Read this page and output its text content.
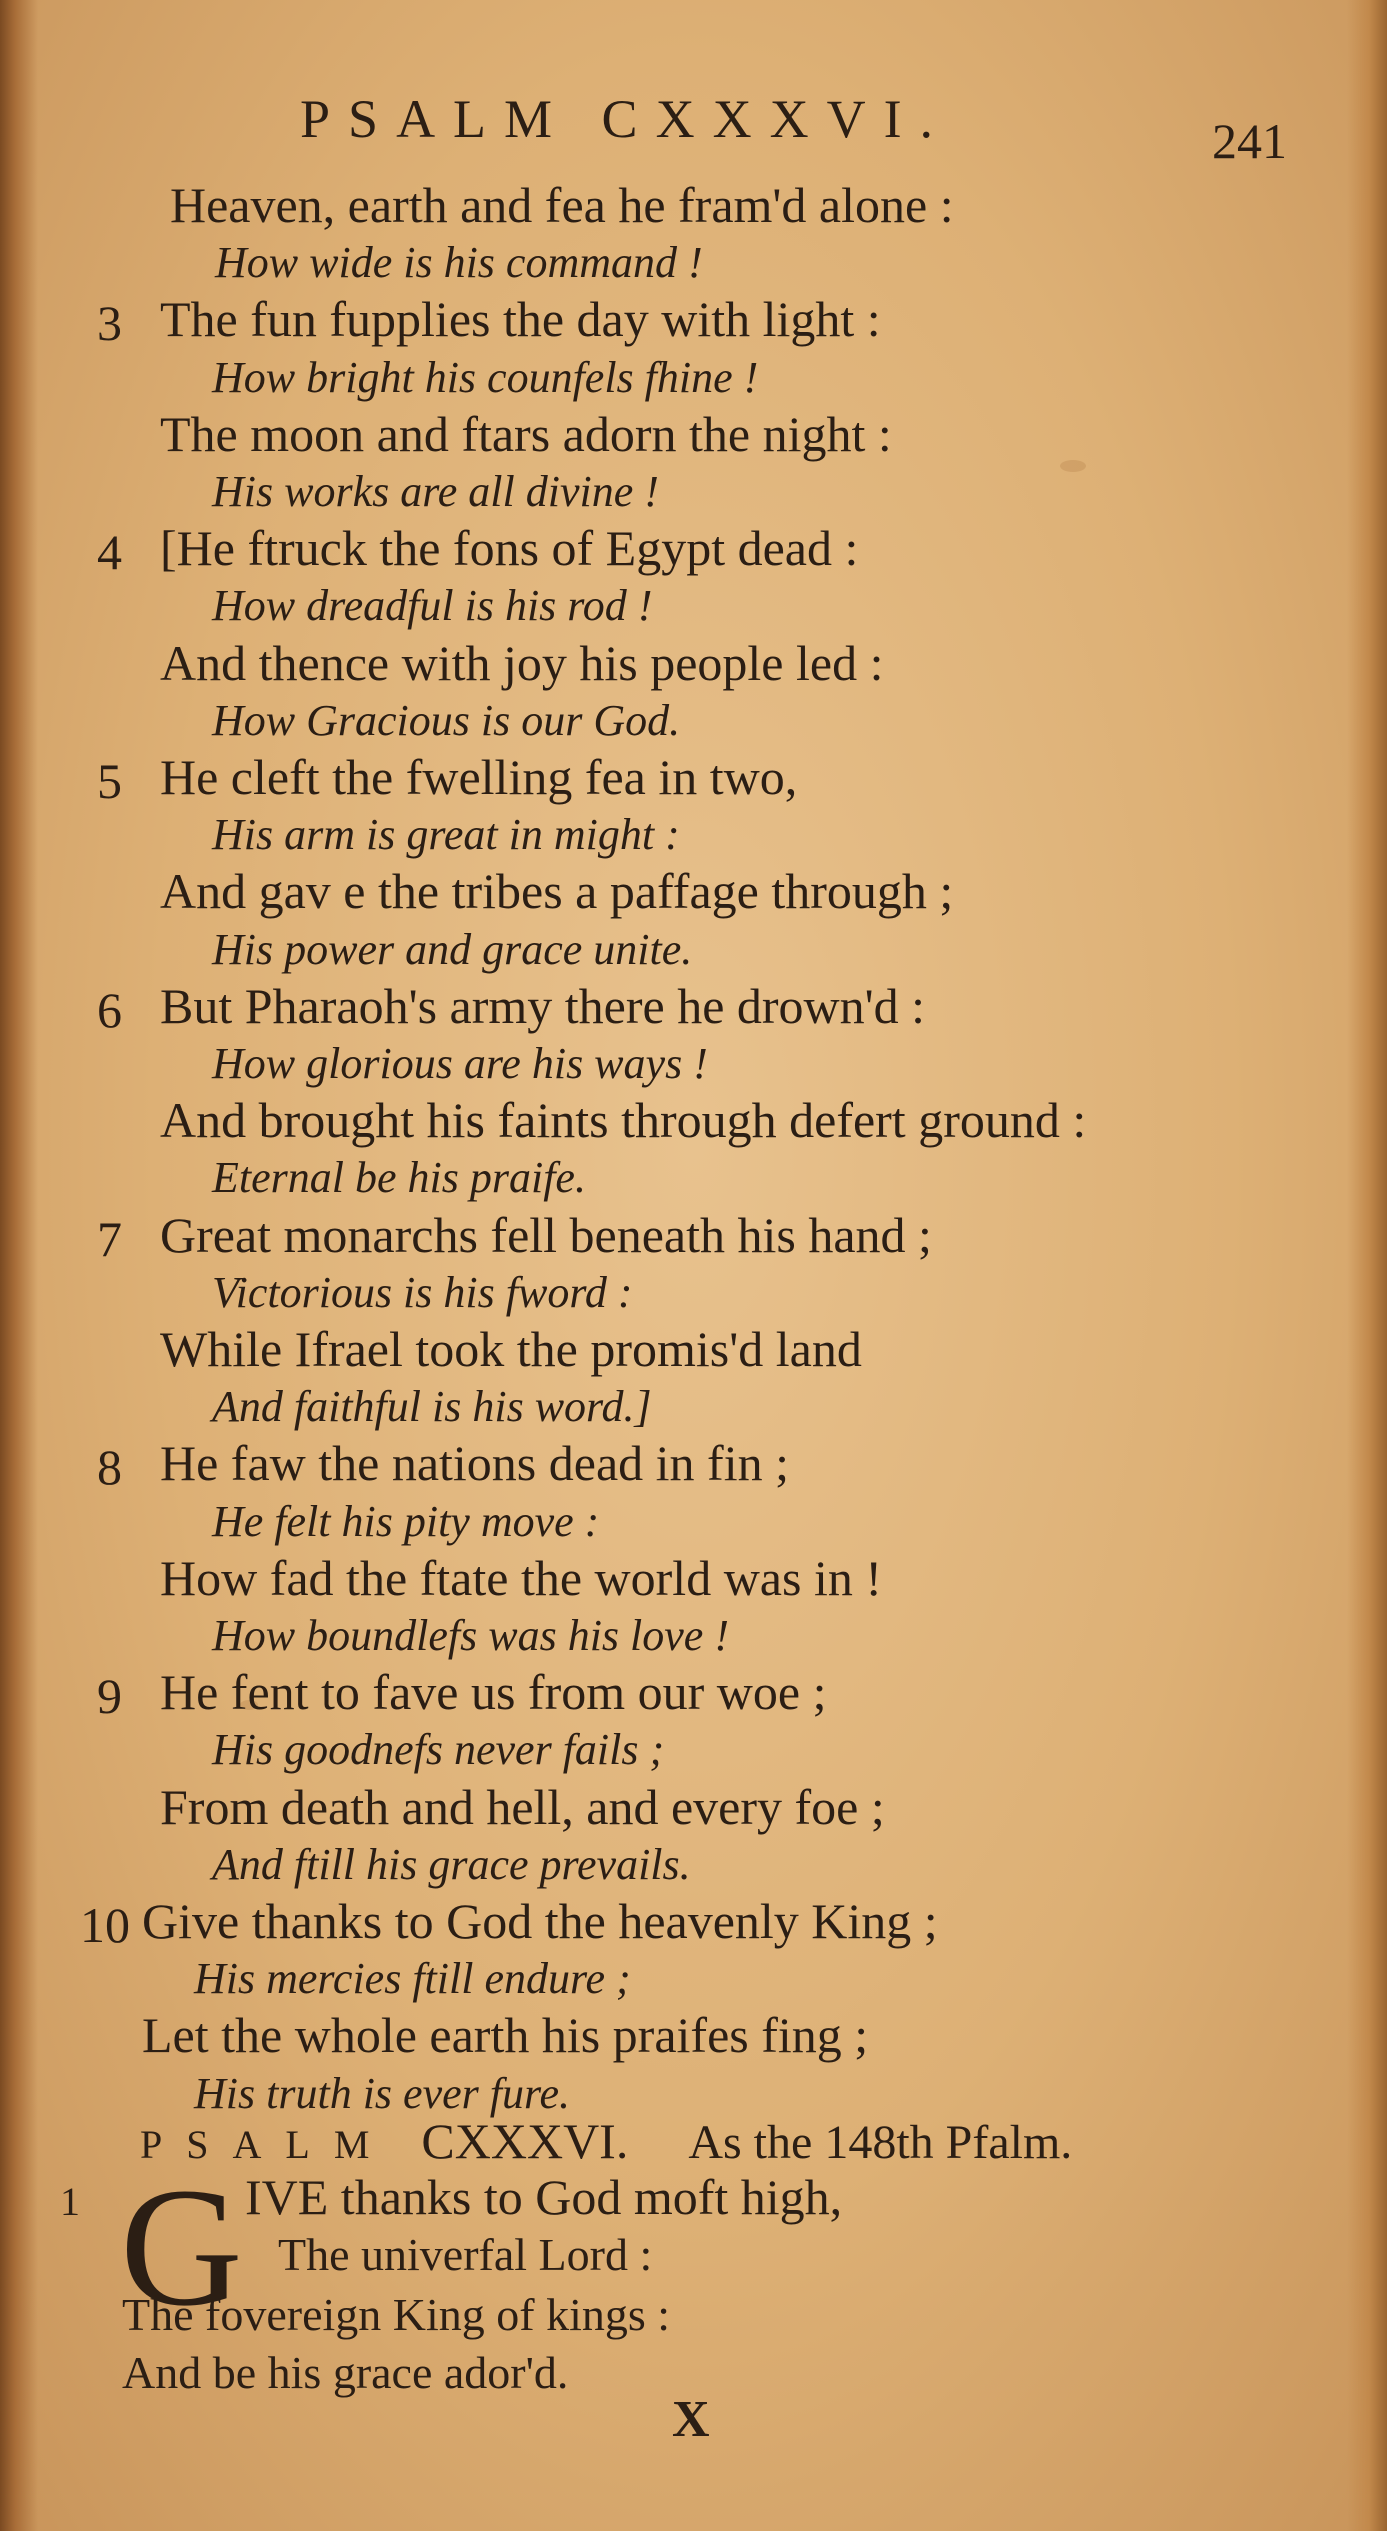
PSALM CXXXVI.	241
Heaven, earth and fea he fram'd alone :
How wide is his command !
3 The fun fupplies the day with light :
How bright his counfels fhine !
The moon and ftars adorn the night :
His works are all divine !
4 [He ftruck the fons of Egypt dead :
How dreadful is his rod !
And thence with joy his people led :
How Gracious is our God.
5 He cleft the fwelling fea in two,
His arm is great in might :
And gav e the tribes a paffage through ;
His power and grace unite.
6 But Pharaoh's army there he drown'd :
How glorious are his ways !
And brought his faints through defert ground :
Eternal be his praife.
7 Great monarchs fell beneath his hand ;
Victorious is his fword :
While Ifrael took the promis'd land
And faithful is his word.]
8 He faw the nations dead in fin ;
He felt his pity move :
How fad the ftate the world was in !
How boundlefs was his love !
9 He fent to fave us from our woe ;
His goodnefs never fails ;
From death and hell, and every foe ;
And ftill his grace prevails.
10 Give thanks to God the heavenly King ;
His mercies ftill endure ;
Let the whole earth his praifes fing ;
His truth is ever fure.
PSALM CXXXVI. As the 148th Pfalm.
1 G IVE thanks to God moft high,
The univerfal Lord :
The fovereign King of kings :
And be his grace ador'd.
X
